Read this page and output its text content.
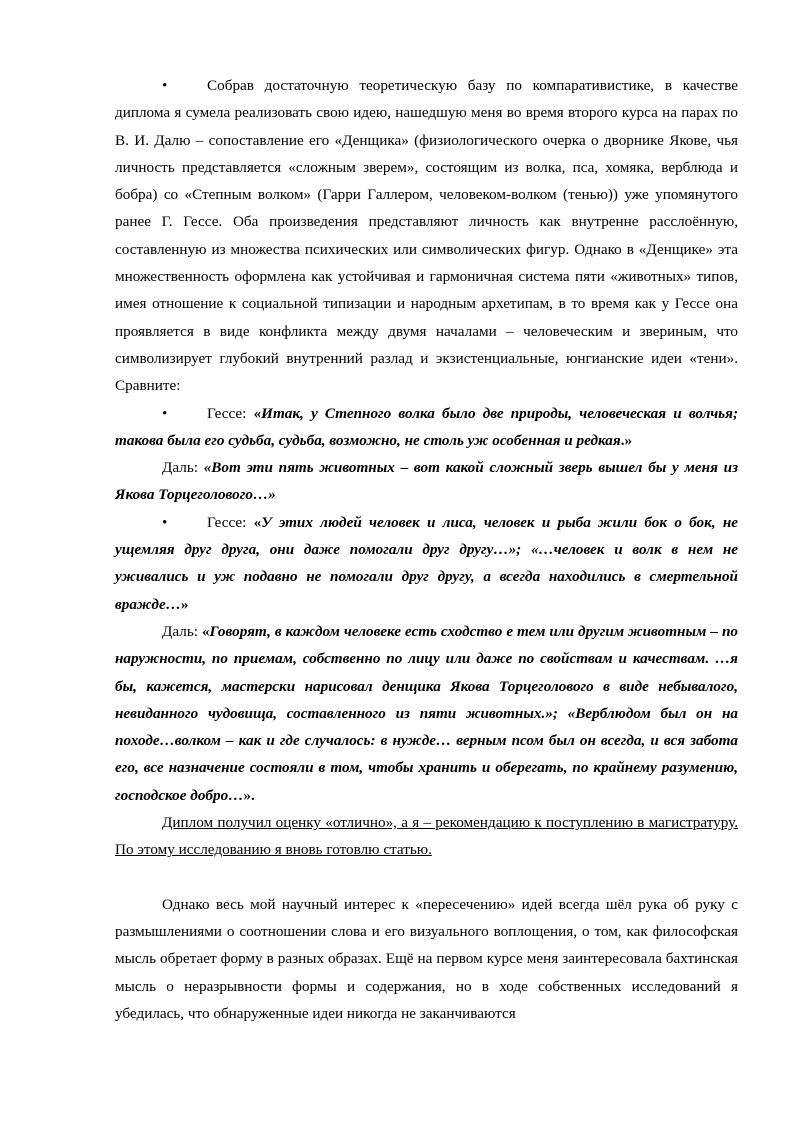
•	Собрав достаточную теоретическую базу по компаративистике, в качестве диплома я сумела реализовать свою идею, нашедшую меня во время второго курса на парах по В. И. Далю – сопоставление его «Денщика» (физиологического очерка о дворнике Якове, чья личность представляется «сложным зверем», состоящим из волка, пса, хомяка, верблюда и бобра) со «Степным волком» (Гарри Галлером, человеком-волком (тенью)) уже упомянутого ранее Г. Гессе. Оба произведения представляют личность как внутренне расслоённую, составленную из множества психических или символических фигур. Однако в «Денщике» эта множественность оформлена как устойчивая и гармоничная система пяти «животных» типов, имея отношение к социальной типизации и народным архетипам, в то время как у Гессе она проявляется в виде конфликта между двумя началами – человеческим и звериным, что символизирует глубокий внутренний разлад и экзистенциальные, юнгианские идеи «тени». Сравните:

•	Гессе: «Итак, у Степного волка было две природы, человеческая и волчья; такова была его судьба, судьба, возможно, не столь уж особенная и редкая.»

Даль: «Вот эти пять животных – вот какой сложный зверь вышел бы у меня из Якова Торцеголового…»

•	Гессе: «У этих людей человек и лиса, человек и рыба жили бок о бок, не ущемляя друг друга, они даже помогали друг другу…»; «…человек и волк в нем не уживались и уж подавно не помогали друг другу, а всегда находились в смертельной вражде…»

Даль: «Говорят, в каждом человеке есть сходство е тем или другим животным – по наружности, по приемам, собственно по лицу или даже по свойствам и качествам. …я бы, кажется, мастерски нарисовал денщика Якова Торцеголового в виде небывалого, невиданного чудовища, составленного из пяти животных.»; «Верблюдом был он на походе…волком – как и где случалось: в нужде… верным псом был он всегда, и вся забота его, все назначение состояли в том, чтобы хранить и оберегать, по крайнему разумению, господское добро…».

Диплом получил оценку «отлично», а я – рекомендацию к поступлению в магистратуру. По этому исследованию я вновь готовлю статью.

Однако весь мой научный интерес к «пересечению» идей всегда шёл рука об руку с размышлениями о соотношении слова и его визуального воплощения, о том, как философская мысль обретает форму в разных образах. Ещё на первом курсе меня заинтересовала бахтинская мысль о неразрывности формы и содержания, но в ходе собственных исследований я убедилась, что обнаруженные идеи никогда не заканчиваются
